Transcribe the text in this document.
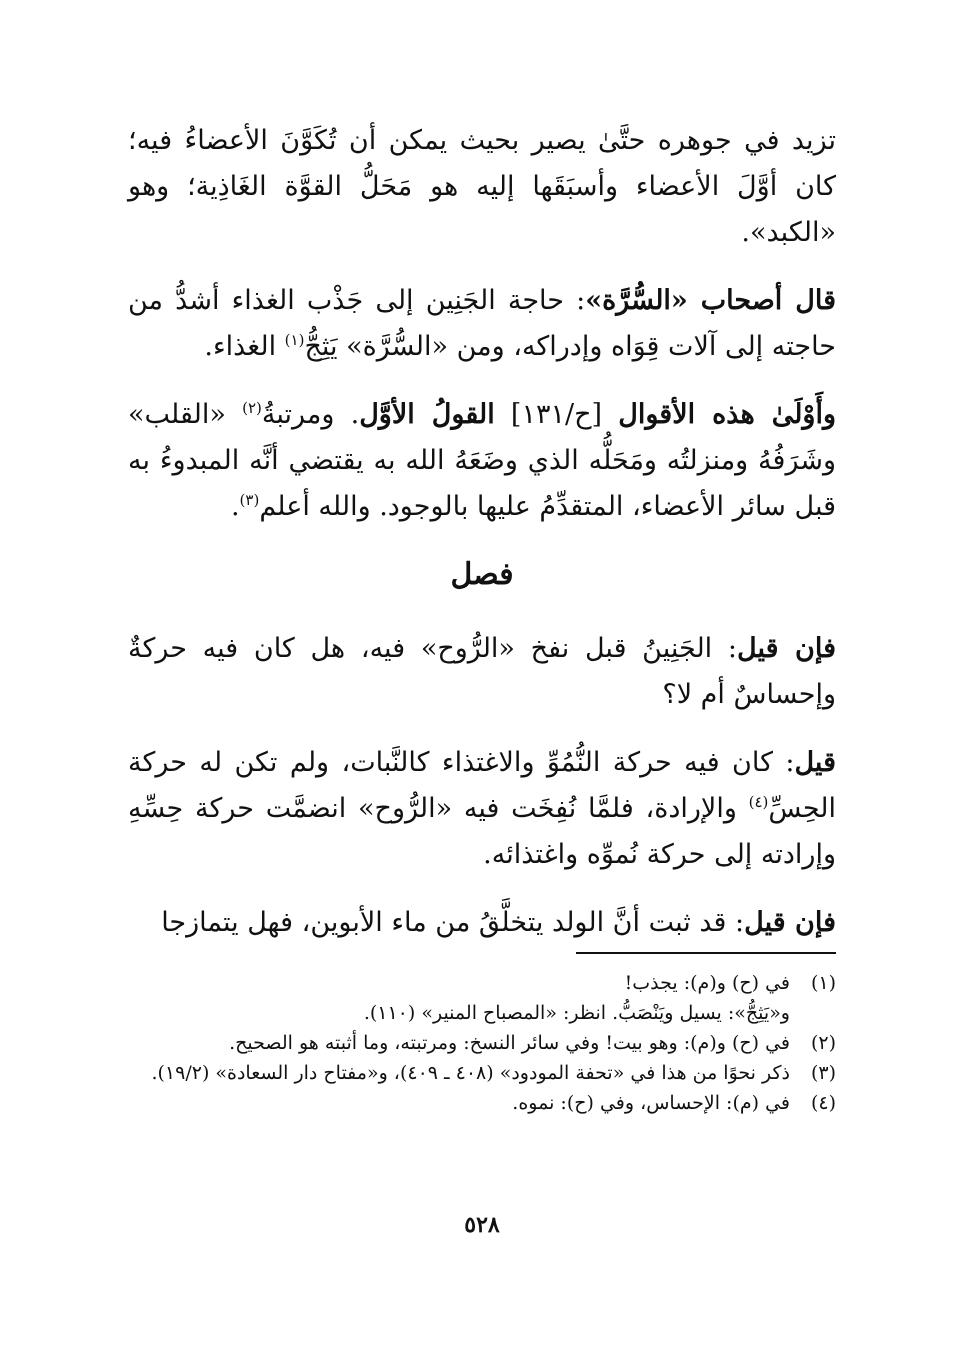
تزيد في جوهره حتَّىٰ يصير بحيث يمكن أن تُكَوَّنَ الأعضاءُ فيه؛ كان أوَّلَ الأعضاء وأسبَقَها إليه هو مَحَلُّ القوَّة الغَاذِية؛ وهو «الكبد».

قال أصحاب «السُّرَّة»: حاجة الجَنِين إلى جَذْب الغذاء أشدُّ من حاجته إلى آلات قِوَاه وإدراكه، ومن «السُّرَّة» يَثِجُّ$^{(١)}$ الغذاء.

وأَوْلَىٰ هذه الأقوال [ح/١٣١] القولُ الأوَّل. ومرتبةُ$^{(٢)}$ «القلب» وشَرَفُهُ ومنزلتُه ومَحَلُّه الذي وضَعَهُ الله به يقتضي أنَّه المبدوءُ به قبل سائر الأعضاء، المتقدِّمُ عليها بالوجود. والله أعلم$^{(٣)}$.

فصل

فإن قيل: الجَنِينُ قبل نفخ «الرُّوح» فيه، هل كان فيه حركةٌ وإحساسٌ أم لا؟

قيل: كان فيه حركة النُّمُوِّ والاغتذاء كالنَّبات، ولم تكن له حركة الحِسِّ$^{(٤)}$ والإرادة، فلمَّا نُفِخَت فيه «الرُّوح» انضمَّت حركة حِسِّهِ وإرادته إلى حركة نُموِّه واغتذائه.

فإن قيل: قد ثبت أنَّ الولد يتخلَّقُ من ماء الأبوين، فهل يتمازجا

(١)
في (ح) و(م): يجذب!

و«يَثِجُّ»: يسيل ويَنْصَبُّ. انظر: «المصباح المنير» (١١٠).

(٢)
في (ح) و(م): وهو بيت! وفي سائر النسخ: ومرتبته، وما أثبته هو الصحيح.

(٣)
ذكر نحوًا من هذا في «تحفة المودود» (٤٠٨ ـ ٤٠٩)، و«مفتاح دار السعادة» (١٩/٢).

(٤)
في (م): الإحساس، وفي (ح): نموه.

٥٢٨
